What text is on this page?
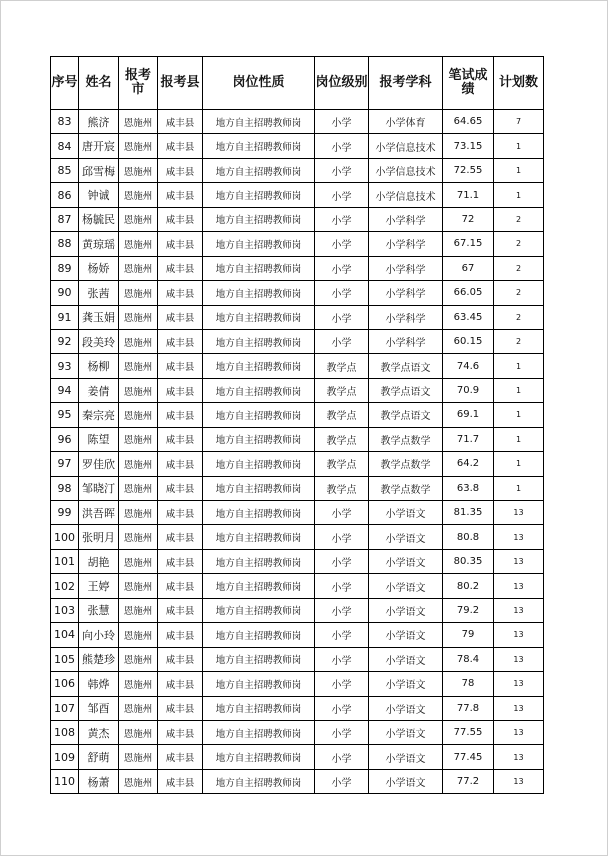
序号	姓名	报考市	报考县	岗位性质	岗位级别	报考学科	笔试成绩	计划数
83	熊济	恩施州	咸丰县	地方自主招聘教师岗	小学	小学体育	64.65	7
84	唐开宸	恩施州	咸丰县	地方自主招聘教师岗	小学	小学信息技术	73.15	1
85	邱雪梅	恩施州	咸丰县	地方自主招聘教师岗	小学	小学信息技术	72.55	1
86	钟诚	恩施州	咸丰县	地方自主招聘教师岗	小学	小学信息技术	71.1	1
87	杨毓民	恩施州	咸丰县	地方自主招聘教师岗	小学	小学科学	72	2
88	黄琼瑶	恩施州	咸丰县	地方自主招聘教师岗	小学	小学科学	67.15	2
89	杨娇	恩施州	咸丰县	地方自主招聘教师岗	小学	小学科学	67	2
90	张茜	恩施州	咸丰县	地方自主招聘教师岗	小学	小学科学	66.05	2
91	龚玉娟	恩施州	咸丰县	地方自主招聘教师岗	小学	小学科学	63.45	2
92	段美玲	恩施州	咸丰县	地方自主招聘教师岗	小学	小学科学	60.15	2
93	杨柳	恩施州	咸丰县	地方自主招聘教师岗	教学点	教学点语文	74.6	1
94	姜倩	恩施州	咸丰县	地方自主招聘教师岗	教学点	教学点语文	70.9	1
95	秦宗亮	恩施州	咸丰县	地方自主招聘教师岗	教学点	教学点语文	69.1	1
96	陈望	恩施州	咸丰县	地方自主招聘教师岗	教学点	教学点数学	71.7	1
97	罗佳欣	恩施州	咸丰县	地方自主招聘教师岗	教学点	教学点数学	64.2	1
98	邹晓汀	恩施州	咸丰县	地方自主招聘教师岗	教学点	教学点数学	63.8	1
99	洪吾晖	恩施州	咸丰县	地方自主招聘教师岗	小学	小学语文	81.35	13
100	张明月	恩施州	咸丰县	地方自主招聘教师岗	小学	小学语文	80.8	13
101	胡艳	恩施州	咸丰县	地方自主招聘教师岗	小学	小学语文	80.35	13
102	王婷	恩施州	咸丰县	地方自主招聘教师岗	小学	小学语文	80.2	13
103	张慧	恩施州	咸丰县	地方自主招聘教师岗	小学	小学语文	79.2	13
104	向小玲	恩施州	咸丰县	地方自主招聘教师岗	小学	小学语文	79	13
105	熊楚珍	恩施州	咸丰县	地方自主招聘教师岗	小学	小学语文	78.4	13
106	韩烨	恩施州	咸丰县	地方自主招聘教师岗	小学	小学语文	78	13
107	邹酉	恩施州	咸丰县	地方自主招聘教师岗	小学	小学语文	77.8	13
108	黄杰	恩施州	咸丰县	地方自主招聘教师岗	小学	小学语文	77.55	13
109	舒萌	恩施州	咸丰县	地方自主招聘教师岗	小学	小学语文	77.45	13
110	杨萧	恩施州	咸丰县	地方自主招聘教师岗	小学	小学语文	77.2	13
